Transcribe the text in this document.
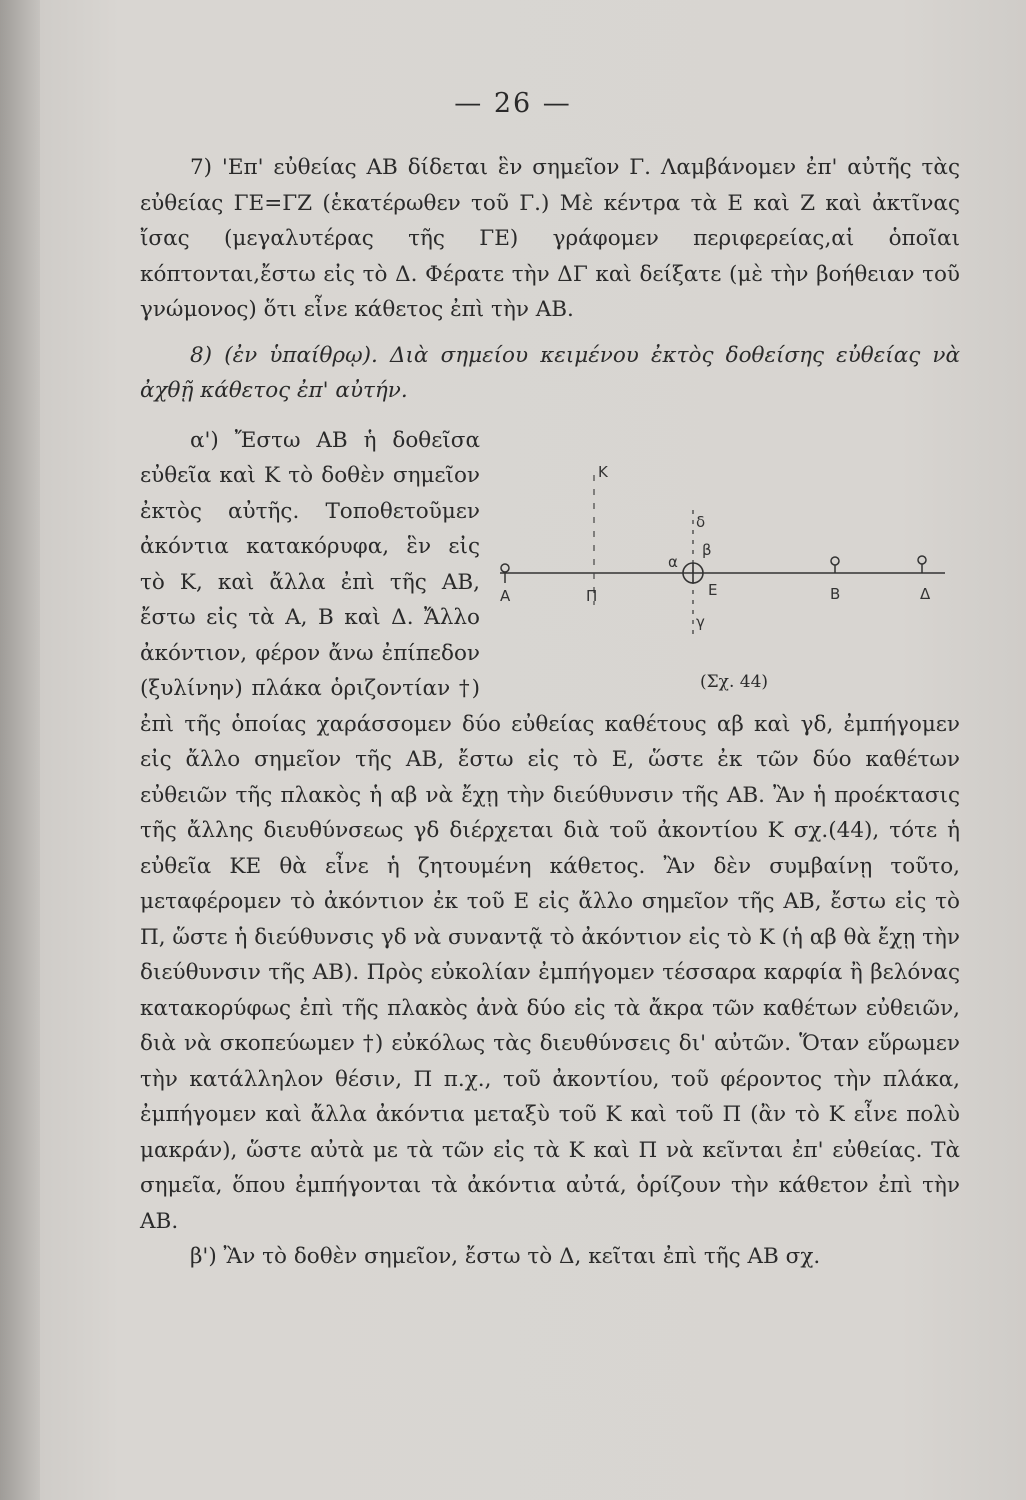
— 26 —

7) 'Επ' εὐθείας AB δίδεται ἓν σημεῖον Γ. Λαμβάνομεν ἐπ' αὐτῆς τὰς εὐθείας ΓΕ=ΓΖ (ἑκατέρωθεν τοῦ Γ.) Μὲ κέντρα τὰ Ε καὶ Ζ καὶ ἀκτῖνας ἴσας (μεγαλυτέρας τῆς ΓΕ) γράφομεν περιφερείας,αἱ ὁποῖαι κόπτονται,ἔστω εἰς τὸ Δ. Φέρατε τὴν ΔΓ καὶ δείξατε (μὲ τὴν βοήθειαν τοῦ γνώμονος) ὅτι εἶνε κάθετος ἐπὶ τὴν AB.

8) (ἐν ὑπαίθρῳ). Διὰ σημείου κειμένου ἐκτὸς δοθείσης εὐθείας νὰ ἀχθῇ κάθετος ἐπ' αὐτήν.

Κ
Α	Π	Ε	Β	Δ
α
β
γ
δ
(Σχ. 44)

α') Ἔστω AB ἡ δοθεῖσα εὐθεῖα καὶ Κ τὸ δοθὲν σημεῖον ἐκτὸς αὐτῆς. Τοποθετοῦμεν ἀκόντια κατακόρυφα, ἓν εἰς τὸ Κ, καὶ ἄλλα ἐπὶ τῆς AB, ἔστω εἰς τὰ Α, Β καὶ Δ. Ἄλλο ἀκόντιον, φέρον ἄνω ἐπίπεδον (ξυλίνην) πλάκα ὁριζοντίαν †) ἐπὶ τῆς ὁποίας χαράσσομεν δύο εὐθείας καθέτους αβ καὶ γδ, ἐμπήγομεν εἰς ἄλλο σημεῖον τῆς AB, ἔστω εἰς τὸ Ε, ὥστε ἐκ τῶν δύο καθέτων εὐθειῶν τῆς πλακὸς ἡ αβ νὰ ἔχῃ τὴν διεύθυνσιν τῆς AB. Ἂν ἡ προέκτασις τῆς ἄλλης διευθύνσεως γδ διέρχεται διὰ τοῦ ἀκοντίου Κ σχ.(44), τότε ἡ εὐθεῖα ΚΕ θὰ εἶνε ἡ ζητουμένη κάθετος. Ἂν δὲν συμβαίνῃ τοῦτο, μεταφέρομεν τὸ ἀκόντιον ἐκ τοῦ Ε εἰς ἄλλο σημεῖον τῆς AB, ἔστω εἰς τὸ Π, ὥστε ἡ διεύθυνσις γδ νὰ συναντᾷ τὸ ἀκόντιον εἰς τὸ Κ (ἡ αβ θὰ ἔχῃ τὴν διεύθυνσιν τῆς AB). Πρὸς εὐκολίαν ἐμπήγομεν τέσσαρα καρφία ἢ βελόνας κατακορύφως ἐπὶ τῆς πλακὸς ἀνὰ δύο εἰς τὰ ἄκρα τῶν καθέτων εὐθειῶν, διὰ νὰ σκοπεύωμεν †) εὐκόλως τὰς διευθύνσεις δι' αὐτῶν. Ὅταν εὕρωμεν τὴν κατάλληλον θέσιν, Π π.χ., τοῦ ἀκοντίου, τοῦ φέροντος τὴν πλάκα, ἐμπήγομεν καὶ ἄλλα ἀκόντια μεταξὺ τοῦ Κ καὶ τοῦ Π (ἂν τὸ Κ εἶνε πολὺ μακράν), ὥστε αὐτὰ με τὰ τῶν εἰς τὰ Κ καὶ Π νὰ κεῖνται ἐπ' εὐθείας. Τὰ σημεῖα, ὅπου ἐμπήγονται τὰ ἀκόντια αὐτά, ὁρίζουν τὴν κάθετον ἐπὶ τὴν AB.

β') Ἂν τὸ δοθὲν σημεῖον, ἔστω τὸ Δ, κεῖται ἐπὶ τῆς AB σχ.
